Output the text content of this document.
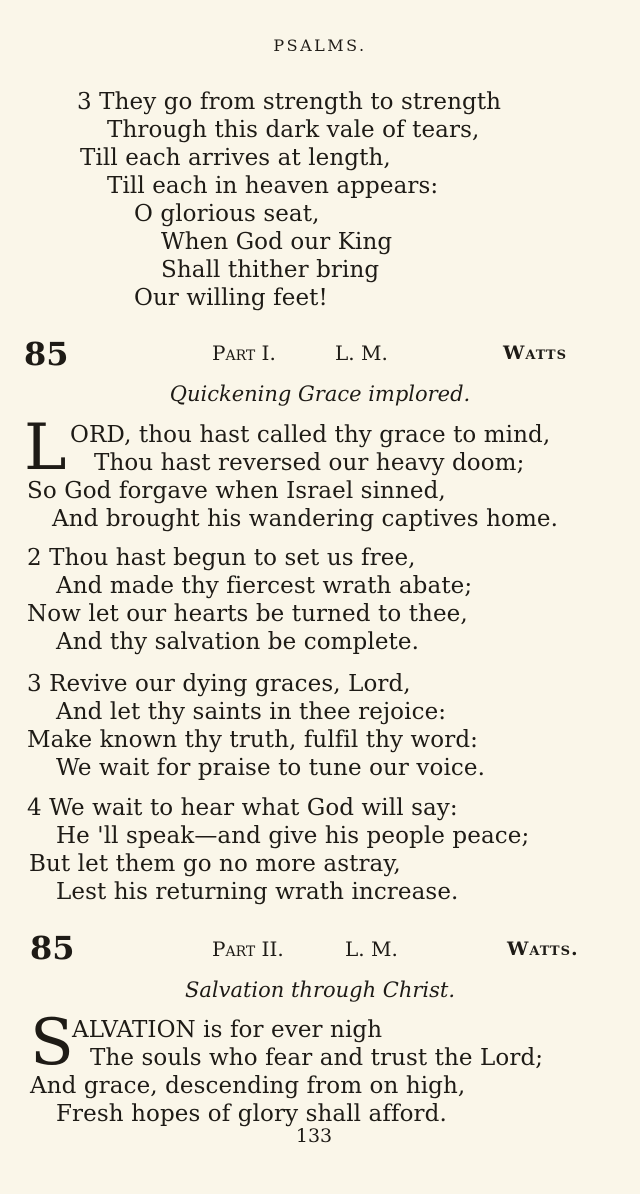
PSALMS.
3 They go from strength to strength
Through this dark vale of tears,
Till each arrives at length,
Till each in heaven appears:
O glorious seat,
When God our King
Shall thither bring
Our willing feet!
85	Part I.	L. M.	Watts
Quickening Grace implored.
L ORD, thou hast called thy grace to mind,
Thou hast reversed our heavy doom;
So God forgave when Israel sinned,
And brought his wandering captives home.
2 Thou hast begun to set us free,
And made thy fiercest wrath abate;
Now let our hearts be turned to thee,
And thy salvation be complete.
3 Revive our dying graces, Lord,
And let thy saints in thee rejoice:
Make known thy truth, fulfil thy word:
We wait for praise to tune our voice.
4 We wait to hear what God will say:
He 'll speak—and give his people peace;
But let them go no more astray,
Lest his returning wrath increase.
85	Part II.	L. M.	Watts.
Salvation through Christ.
S
ALVATION is for ever nigh
The souls who fear and trust the Lord;
And grace, descending from on high,
Fresh hopes of glory shall afford.
133
